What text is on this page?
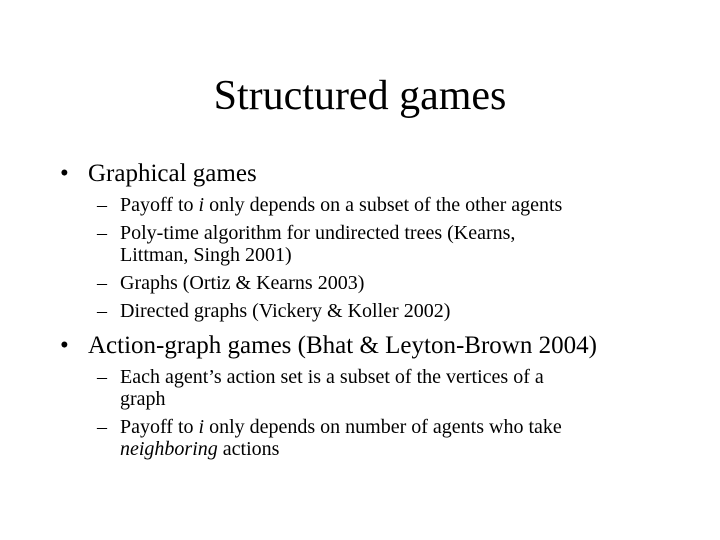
Structured games
• Graphical games
– Payoff to i only depends on a subset of the other agents
– Poly-time algorithm for undirected trees (Kearns,
Littman, Singh 2001)
– Graphs (Ortiz & Kearns 2003)
– Directed graphs (Vickery & Koller 2002)
• Action-graph games (Bhat & Leyton-Brown 2004)
– Each agent’s action set is a subset of the vertices of a
graph
– Payoff to i only depends on number of agents who take
neighboring actions
